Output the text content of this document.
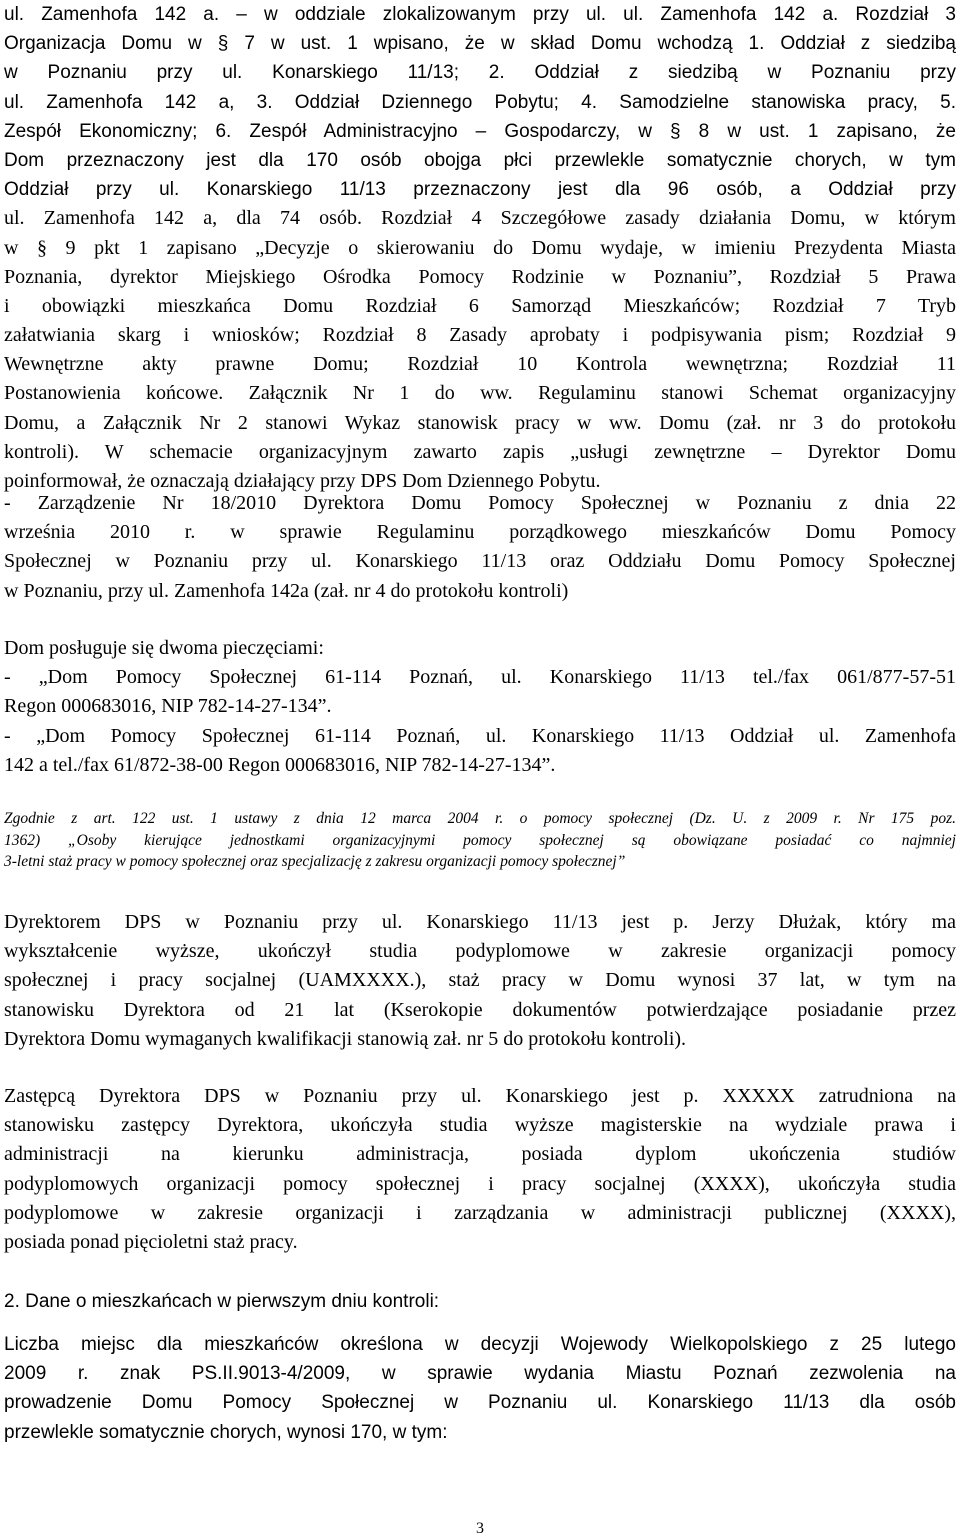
ul. Zamenhofa 142 a. – w oddziale zlokalizowanym przy ul. ul. Zamenhofa 142 a. Rozdział 3
Organizacja Domu w § 7 w ust. 1 wpisano, że w skład Domu wchodzą 1. Oddział z siedzibą
w Poznaniu przy ul. Konarskiego 11/13; 2. Oddział z siedzibą w Poznaniu przy
ul. Zamenhofa 142 a, 3. Oddział Dziennego Pobytu; 4. Samodzielne stanowiska pracy, 5.
Zespół Ekonomiczny; 6. Zespół Administracyjno – Gospodarczy, w § 8 w ust. 1 zapisano, że
Dom przeznaczony jest dla 170 osób obojga płci przewlekle somatycznie chorych, w tym
Oddział przy ul. Konarskiego 11/13 przeznaczony jest dla 96 osób, a Oddział przy
ul. Zamenhofa 142 a, dla 74 osób. Rozdział 4 Szczegółowe zasady działania Domu, w którym
w § 9 pkt 1 zapisano „Decyzje o skierowaniu do Domu wydaje, w imieniu Prezydenta Miasta
Poznania, dyrektor Miejskiego Ośrodka Pomocy Rodzinie w Poznaniu”, Rozdział 5 Prawa
i obowiązki mieszkańca Domu Rozdział 6 Samorząd Mieszkańców; Rozdział 7 Tryb
załatwiania skarg i wniosków; Rozdział 8 Zasady aprobaty i podpisywania pism; Rozdział 9
Wewnętrzne akty prawne Domu; Rozdział 10 Kontrola wewnętrzna; Rozdział 11
Postanowienia końcowe. Załącznik Nr 1 do ww. Regulaminu stanowi Schemat organizacyjny
Domu, a Załącznik Nr 2 stanowi Wykaz stanowisk pracy w ww. Domu (zał. nr 3 do protokołu
kontroli). W schemacie organizacyjnym zawarto zapis „usługi zewnętrzne – Dyrektor Domu
poinformował, że oznaczają działający przy DPS Dom Dziennego Pobytu.
- Zarządzenie Nr 18/2010 Dyrektora Domu Pomocy Społecznej w Poznaniu z dnia 22
września 2010 r. w sprawie Regulaminu porządkowego mieszkańców Domu Pomocy
Społecznej w Poznaniu przy ul. Konarskiego 11/13 oraz Oddziału Domu Pomocy Społecznej
w Poznaniu, przy ul. Zamenhofa 142a (zał. nr 4 do protokołu kontroli)
Dom posługuje się dwoma pieczęciami:
- „Dom Pomocy Społecznej 61-114 Poznań, ul. Konarskiego 11/13 tel./fax 061/877-57-51
Regon 000683016, NIP 782-14-27-134”.
- „Dom Pomocy Społecznej 61-114 Poznań, ul. Konarskiego 11/13 Oddział ul. Zamenhofa
142 a tel./fax 61/872-38-00 Regon 000683016, NIP 782-14-27-134”.
Zgodnie z art. 122 ust. 1 ustawy z dnia 12 marca 2004 r. o pomocy społecznej (Dz. U. z 2009 r. Nr 175 poz.
1362) „Osoby kierujące jednostkami organizacyjnymi pomocy społecznej są obowiązane posiadać co najmniej
3-letni staż pracy w pomocy społecznej oraz specjalizację z zakresu organizacji pomocy społecznej”
Dyrektorem DPS w Poznaniu przy ul. Konarskiego 11/13 jest p. Jerzy Dłużak, który ma
wykształcenie wyższe, ukończył studia podyplomowe w zakresie organizacji pomocy
społecznej i pracy socjalnej (UAMXXXX.), staż pracy w Domu wynosi 37 lat, w tym na
stanowisku Dyrektora od 21 lat (Kserokopie dokumentów potwierdzające posiadanie przez
Dyrektora Domu wymaganych kwalifikacji stanowią zał. nr 5 do protokołu kontroli).
Zastępcą Dyrektora DPS w Poznaniu przy ul. Konarskiego jest p. XXXXX zatrudniona na
stanowisku zastępcy Dyrektora, ukończyła studia wyższe magisterskie na wydziale prawa i
administracji na kierunku administracja, posiada dyplom ukończenia studiów
podyplomowych organizacji pomocy społecznej i pracy socjalnej (XXXX), ukończyła studia
podyplomowe w zakresie organizacji i zarządzania w administracji publicznej (XXXX),
posiada ponad pięcioletni staż pracy.
2. Dane o mieszkańcach w pierwszym dniu kontroli:
Liczba miejsc dla mieszkańców określona w decyzji Wojewody Wielkopolskiego z 25 lutego
2009 r. znak PS.II.9013-4/2009, w sprawie wydania Miastu Poznań zezwolenia na
prowadzenie Domu Pomocy Społecznej w Poznaniu ul. Konarskiego 11/13 dla osób
przewlekle somatycznie chorych, wynosi 170, w tym:
3
